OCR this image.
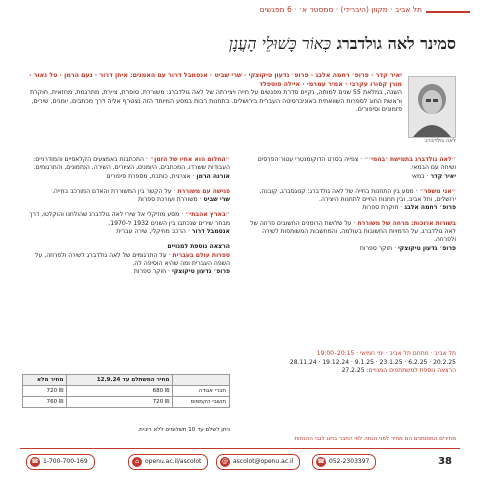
תל אביב · מקוון (היברידי) · סמסטר א׳ · 6 מפגשים
סמינר לאה גולדברג כְּאוֹר כָּשׁוּלֵי הָעֲנָן
לאה גולדברג
יאיר קדר · פרופ׳ רחמה אלבג · פרופ׳ גדעון טיקוצקי · שרי שביט · אנסמבל דרור עם האמנים: איתן דרור · נעם הרמן · טל נאור · מורן קסורו עקרבי · אמיר עמרמי · איילה פוספלד
השנה, במלאת 55 שנים למותה, נקיים סדרת מפגשים על חייה ויצירתה של לאה גולדברג: משוררת, סופרת, ציירת, מתרגמת, מחזאית, חוקרת וראשת החוג לספרות השוואתית באוניברסיטה העברית בירושלים. בתחנות רבות במסע המיוחד הזה נצטרף אליה דרך מכתבים, יומנים, שירים, פזמונים וסיפורים.
״לאה גולדברג בתמישת ׳בהמי׳״ · צפייה בסרט הדוקומנטרי עטור הפרסים ושיחה עם הבמאי.
יאיר קדר · במאי
״אני משפר״ · מסע בין התחנות בחייה של לאה גולדברג: קנוגסברג, קובנה, ירושלים, ותל אביב, ובין תחנות החיים לתחנות היצירה.
פרופ׳ רחמה אלבג · חוקרת ספרות
בשורות ארוכות: מרחה של משוררת · על שלושת הרומנים החשובים פרוזה של לאה גולדברג, על הדמויות החשובות בעולמה, והמחשבות המשותפות לשירה ולפרוזה.
פרופ׳ גדעון טיקוצקי · חוקר ספרות
״החלום הוא אחיו של הזמן״ · התכתבות באמצעים הקלאסיים והמודרניים: העבודות ששרדו, המכתבים, היומנים, הציורים, השירה, הפזמונים, והתרגומים.
אורנה הרמן · אצרנית, כותבת, מספרת סיפורים
פגישה עם משוררת · על הקשר בין המשוררת והאדם המורכב בחייה.
שרי שביט · משוררת ועורכת ספרות
״בארץ אהבתי״ · מסע מוזיקלי אל שירי לאה גולדברג שהולחנו והוקלטו, דרך מבחר שירים שנכתבו בין השנים 1932 ל-1970.
אנסמבל דרור · הרכב מוזיקלי, שירה עברית
הרצאה נוספת למנויים
ספרות עולם בעברית · על התרגומים של לאה גולדברג לשירה ולפרוזה, על השפה העברית ומה שהיא הוסיפה לה.
פרופ׳ גדעון טיקוצקי · חוקר ספרות
תל אביב · מתחם תל אביב · ימי חמישי · 20:15–19:00
20.2.25 · 6.2.25 · 23.1.25 · 9.1.25 · 19.12.24 · 28.11.24
הרצאה נוספת למשתתפים המנויים: 27.2.25
	מחיר המשתלם עד 12.9.24	מחיר מלא
חברי אגודה	₪ 680	₪ 720
תושבי הקמפוס	₪ 720	₪ 760
ניתן לשלם עד 10 תשלומים ללא ריבית.
מחירים המסומנים הם מחיר לפני הנחה לפי החבר בחוג לגבי ההנחות
38
☎ 052-2303397
@ ascolot@openu.ac.il
⌂	openu.ac.il/ascolot
☎ 1-700-700-169
